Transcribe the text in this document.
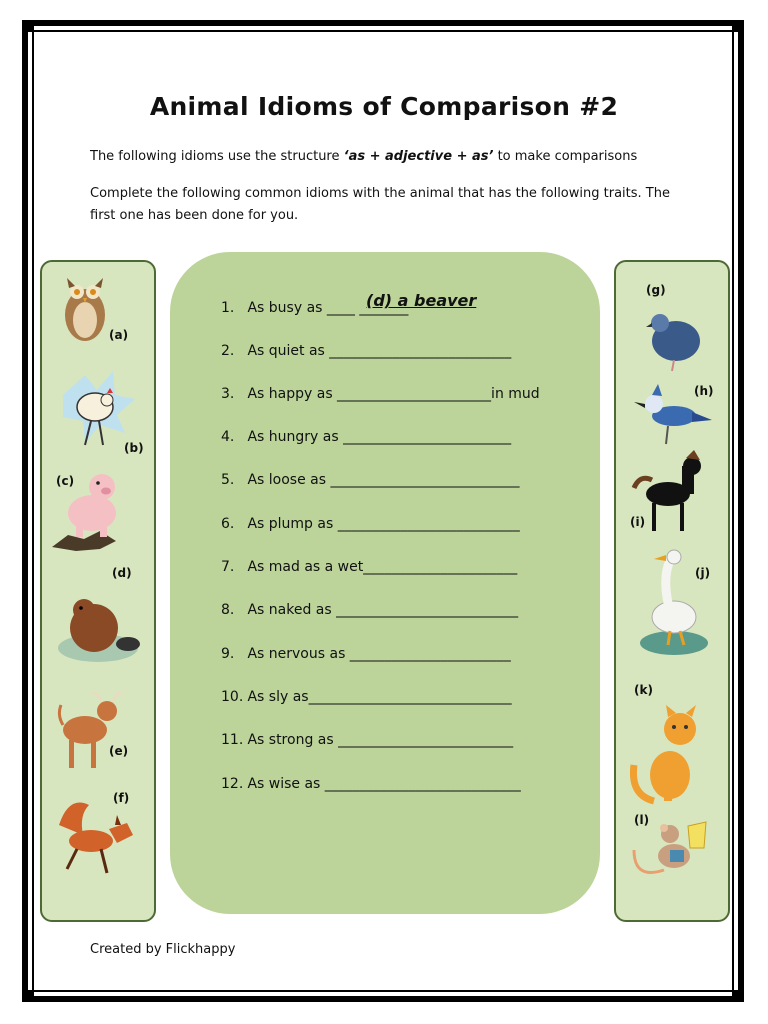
Animal Idioms of Comparison #2
The following idioms use the structure ‘as + adjective + as’ to make comparisons
Complete the following common idioms with the animal that has the following traits. The
first one has been done for you.
1. As busy as ____ _______
(d) a beaver
2. As quiet as __________________________
3. As happy as ______________________in mud
4. As hungry as ________________________
5. As loose as ___________________________
6. As plump as __________________________
7. As mad as a wet______________________
8. As naked as __________________________
9. As nervous as _______________________
10. As sly as_____________________________
11. As strong as _________________________
12. As wise as ____________________________
(a)
(b)
(c)
(d)
(e)
(f)
(g)
(h)
(i)
(j)
(k)
(l)
Created by Flickhappy
